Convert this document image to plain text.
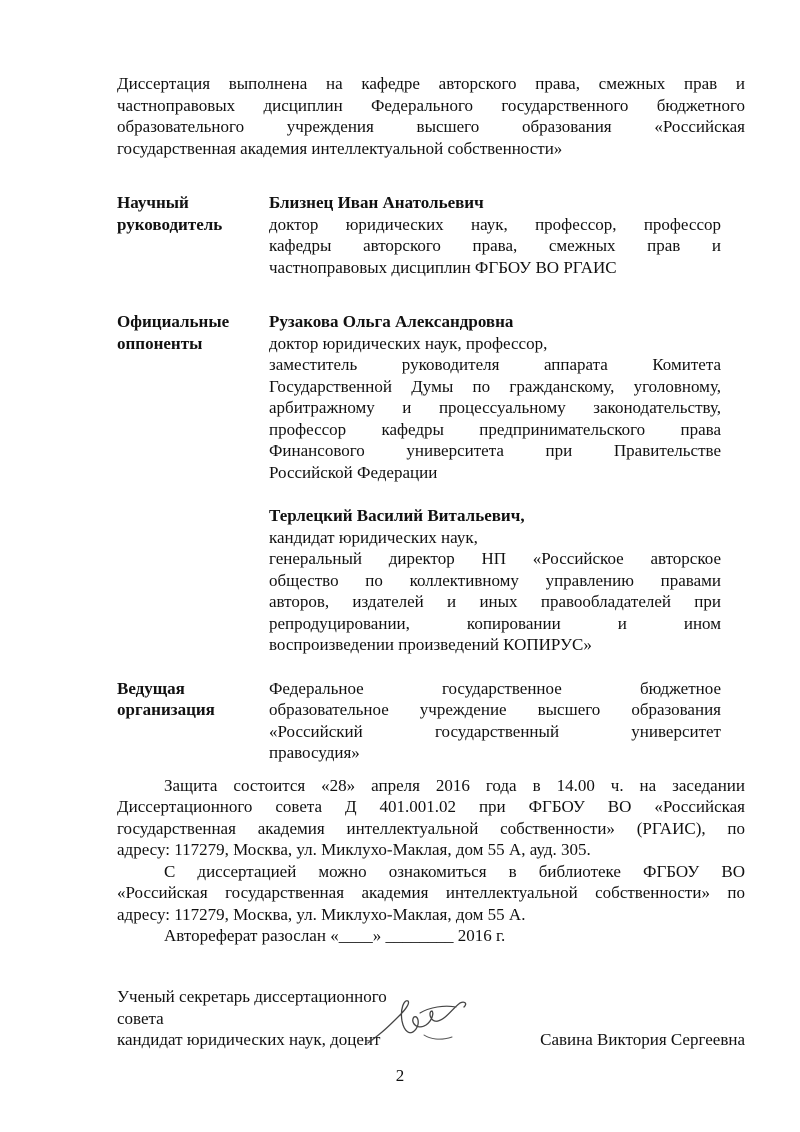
Диссертация выполнена на кафедре авторского права, смежных прав и

частноправовых дисциплин Федерального государственного бюджетного

образовательного учреждения высшего образования «Российская

государственная академия интеллектуальной собственности»

Научный
руководитель
Близнец Иван Анатольевич
доктор юридических наук, профессор, профессор
кафедры авторского права, смежных прав и
частноправовых дисциплин ФГБОУ ВО РГАИС
Официальные
оппоненты
Рузакова Ольга Александровна
доктор юридических наук, профессор,
заместитель руководителя аппарата Комитета
Государственной Думы по гражданскому, уголовному,
арбитражному и процессуальному законодательству,
профессор кафедры предпринимательского права
Финансового университета при Правительстве
Российской Федерации
Терлецкий Василий Витальевич,
кандидат юридических наук,
генеральный директор НП «Российское авторское
общество по коллективному управлению правами
авторов, издателей и иных правообладателей при
репродуцировании, копировании и ином
воспроизведении произведений КОПИРУС»
Ведущая
организация
Федеральное государственное бюджетное
образовательное учреждение высшего образования
«Российский государственный университет
правосудия»
Защита состоится «28» апреля 2016 года в 14.00 ч. на заседании
Диссертационного совета Д 401.001.02 при ФГБОУ ВО «Российская
государственная академия интеллектуальной собственности» (РГАИС), по
адресу: 117279, Москва, ул. Миклухо-Маклая, дом 55 А, ауд. 305.
С диссертацией можно ознакомиться в библиотеке ФГБОУ ВО
«Российская государственная академия интеллектуальной собственности» по
адресу: 117279, Москва, ул. Миклухо-Маклая, дом 55 А.
Автореферат разослан «____» ________ 2016 г.
Ученый секретарь диссертационного
совета
кандидат юридических наук, доцент	Савина Виктория Сергеевна
2
